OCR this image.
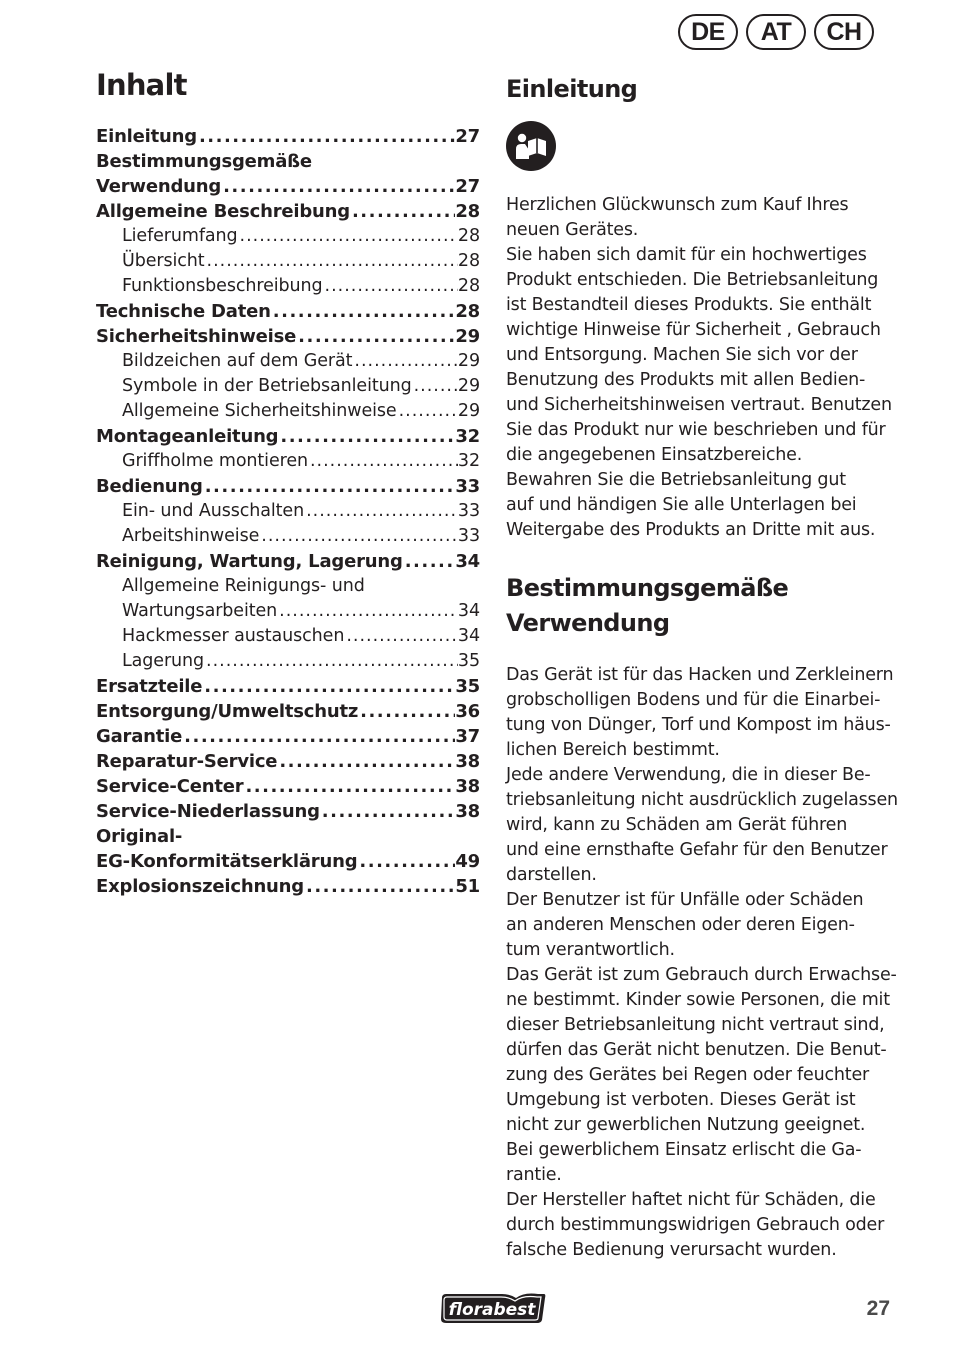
DE	AT	CH
Inhalt
Einleitung .....	27
Bestimmungsgemäße
Verwendung .....	27
Allgemeine Beschreibung .....	28
Lieferumfang .....	28
Übersicht .....	28
Funktionsbeschreibung .....	28
Technische Daten .....	28
Sicherheitshinweise .....	29
Bildzeichen auf dem Gerät .....	29
Symbole in der Betriebsanleitung .....	29
Allgemeine Sicherheitshinweise .....	29
Montageanleitung .....	32
Griffholme montieren .....	32
Bedienung .....	33
Ein- und Ausschalten .....	33
Arbeitshinweise .....	33
Reinigung, Wartung, Lagerung .....	34
Allgemeine Reinigungs- und
Wartungsarbeiten .....	34
Hackmesser austauschen .....	34
Lagerung .....	35
Ersatzteile .....	35
Entsorgung/Umweltschutz .....	36
Garantie .....	37
Reparatur-Service .....	38
Service-Center .....	38
Service-Niederlassung .....	38
Original-
EG-Konformitätserklärung .....	49
Explosionszeichnung .....	51
Einleitung

Herzlichen Glückwunsch zum Kauf Ihres
neuen Gerätes.
Sie haben sich damit für ein hochwertiges
Produkt entschieden. Die Betriebsanleitung
ist Bestandteil dieses Produkts. Sie enthält
wichtige Hinweise für Sicherheit , Gebrauch
und Entsorgung. Machen Sie sich vor der
Benutzung des Produkts mit allen Bedien-
und Sicherheitshinweisen vertraut. Benutzen
Sie das Produkt nur wie beschrieben und für
die angegebenen Einsatzbereiche.
Bewahren Sie die Betriebsanleitung gut
auf und händigen Sie alle Unterlagen bei
Weitergabe des Produkts an Dritte mit aus.

Bestimmungsgemäße
Verwendung

Das Gerät ist für das Hacken und Zerkleinern
grobscholligen Bodens und für die Einarbei-
tung von Dünger, Torf und Kompost im häus-
lichen Bereich bestimmt.
Jede andere Verwendung, die in dieser Be-
triebsanleitung nicht ausdrücklich zugelassen
wird, kann zu Schäden am Gerät führen
und eine ernsthafte Gefahr für den Benutzer
darstellen.
Der Benutzer ist für Unfälle oder Schäden
an anderen Menschen oder deren Eigen-
tum verantwortlich.
Das Gerät ist zum Gebrauch durch Erwachse-
ne bestimmt. Kinder sowie Personen, die mit
dieser Betriebsanleitung nicht vertraut sind,
dürfen das Gerät nicht benutzen. Die Benut-
zung des Gerätes bei Regen oder feuchter
Umgebung ist verboten. Dieses Gerät ist
nicht zur gewerblichen Nutzung geeignet.
Bei gewerblichem Einsatz erlischt die Ga-
rantie.
Der Hersteller haftet nicht für Schäden, die
durch bestimmungswidrigen Gebrauch oder
falsche Bedienung verursacht wurden.

florabest	27
